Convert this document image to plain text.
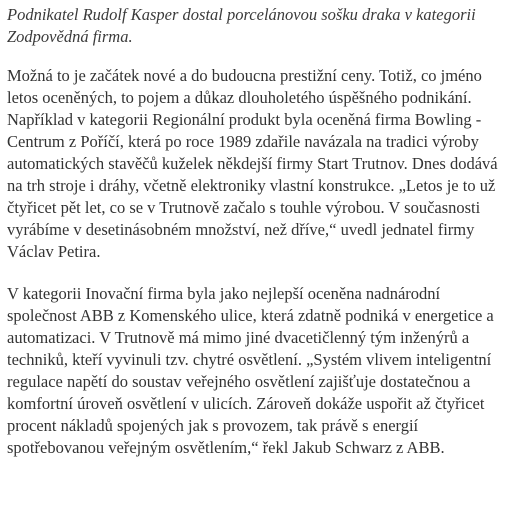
Podnikatel Rudolf Kasper dostal porcelánovou sošku draka v kategorii Zodpovědná firma.

Možná to je začátek nové a do budoucna prestižní ceny. Totiž, co jméno letos oceněných, to pojem a důkaz dlouholetého úspěšného podnikání. Například v kategorii Regionální produkt byla oceněná firma Bowling - Centrum z Poříčí, která po roce 1989 zdařile navázala na tradici výroby automatických stavěčů kuželek někdejší firmy Start Trutnov. Dnes dodává na trh stroje i dráhy, včetně elektroniky vlastní konstrukce. „Letos je to už čtyřicet pět let, co se v Trutnově začalo s touhle výrobou. V současnosti vyrábíme v desetinásobném množství, než dříve,“ uvedl jednatel firmy Václav Petira.

V kategorii Inovační firma byla jako nejlepší oceněna nadnárodní společnost ABB z Komenského ulice, která zdatně podniká v energetice a automatizaci. V Trutnově má mimo jiné dvacetičlenný tým inženýrů a techniků, kteří vyvinuli tzv. chytré osvětlení. „Systém vlivem inteligentní regulace napětí do soustav veřejného osvětlení zajišťuje dostatečnou a komfortní úroveň osvětlení v ulicích. Zároveň dokáže uspořit až čtyřicet procent nákladů spojených jak s provozem, tak právě s energií spotřebovanou veřejným osvětlením,“ řekl Jakub Schwarz z ABB.
